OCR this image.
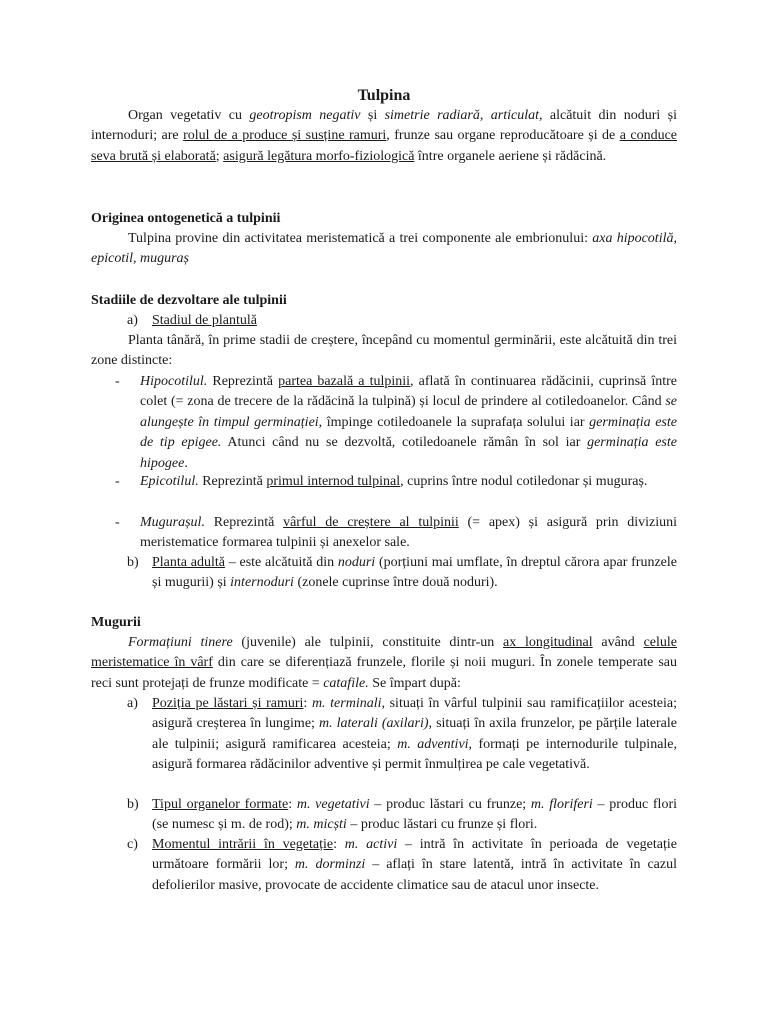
Tulpina

Organ vegetativ cu geotropism negativ și simetrie radiară, articulat, alcătuit din noduri și internoduri; are rolul de a produce și susține ramuri, frunze sau organe reproducătoare și de a conduce seva brută și elaborată; asigură legătura morfo-fiziologică între organele aeriene și rădăcină.

Originea ontogenetică a tulpinii

Tulpina provine din activitatea meristematică a trei componente ale embrionului: axa hipocotilă, epicotil, muguraș

Stadiile de dezvoltare ale tulpinii

a) Stadiul de plantulă

Planta tânără, în prime stadii de creștere, începând cu momentul germinării, este alcătuită din trei zone distincte:

- Hipocotilul. Reprezintă partea bazală a tulpinii, aflată în continuarea rădăcinii, cuprinsă între colet (= zona de trecere de la rădăcină la tulpină) și locul de prindere al cotiledoanelor. Când se alungește în timpul germinației, împinge cotiledoanele la suprafața solului iar germinația este de tip epigee. Atunci când nu se dezvoltă, cotiledoanele rămân în sol iar germinația este hipogee.

- Epicotilul. Reprezintă primul internod tulpinal, cuprins între nodul cotiledonar și muguraș.

- Mugurașul. Reprezintă vârful de creștere al tulpinii (= apex) și asigură prin diviziuni meristematice formarea tulpinii și anexelor sale.

b) Planta adultă – este alcătuită din noduri (porțiuni mai umflate, în dreptul cărora apar frunzele și mugurii) și internoduri (zonele cuprinse între două noduri).

Mugurii

Formațiuni tinere (juvenile) ale tulpinii, constituite dintr-un ax longitudinal având celule meristematice în vârf din care se diferențiază frunzele, florile și noii muguri. În zonele temperate sau reci sunt protejați de frunze modificate = catafile. Se împart după:

a) Poziția pe lăstari și ramuri: m. terminali, situați în vârful tulpinii sau ramificațiilor acesteia; asigură creșterea în lungime; m. laterali (axilari), situați în axila frunzelor, pe părțile laterale ale tulpinii; asigură ramificarea acesteia; m. adventivi, formați pe internodurile tulpinale, asigură formarea rădăcinilor adventive și permit înmulțirea pe cale vegetativă.

b) Tipul organelor formate: m. vegetativi – produc lăstari cu frunze; m. floriferi – produc flori (se numesc și m. de rod); m. micști – produc lăstari cu frunze și flori.

c) Momentul intrării în vegetație: m. activi – intră în activitate în perioada de vegetație următoare formării lor; m. dorminzi – aflați în stare latentă, intră în activitate în cazul defolierilor masive, provocate de accidente climatice sau de atacul unor insecte.
